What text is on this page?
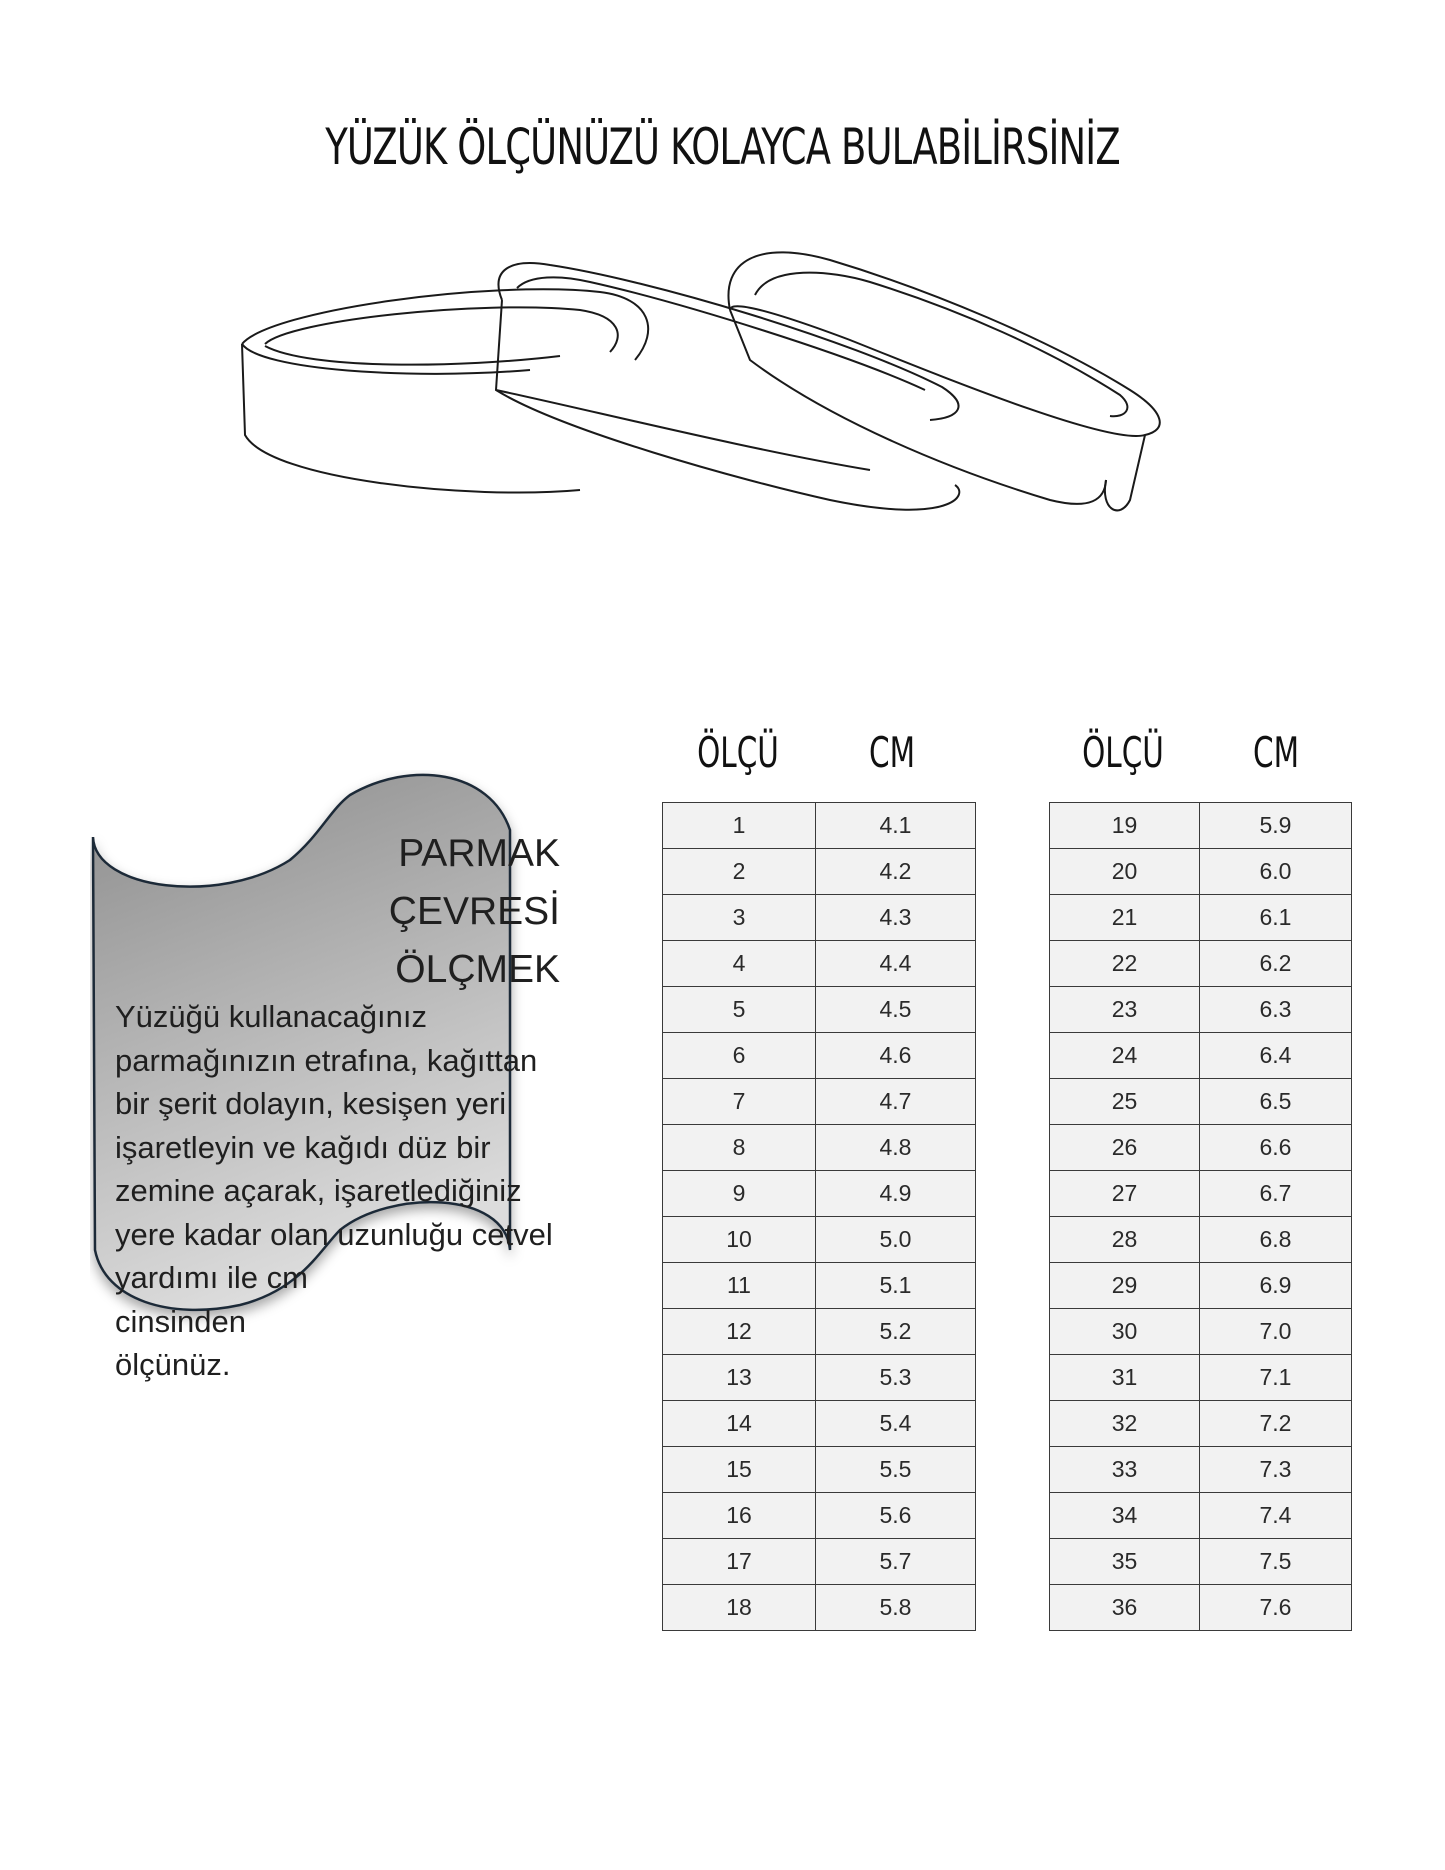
YÜZÜK ÖLÇÜNÜZÜ KOLAYCA BULABİLİRSİNİZ
PARMAK
ÇEVRESİ
ÖLÇMEK
Yüzüğü kullanacağınız
parmağınızın etrafına, kağıttan
bir şerit dolayın, kesişen yeri
işaretleyin ve kağıdı düz bir
zemine açarak, işaretlediğiniz
yere kadar olan uzunluğu cetvel
yardımı ile cm
cinsinden
ölçünüz.
ÖLÇÜ	CM	ÖLÇÜ	CM
1	4.1
2	4.2
3	4.3
4	4.4
5	4.5
6	4.6
7	4.7
8	4.8
9	4.9
10	5.0
11	5.1
12	5.2
13	5.3
14	5.4
15	5.5
16	5.6
17	5.7
18	5.8
19	5.9
20	6.0
21	6.1
22	6.2
23	6.3
24	6.4
25	6.5
26	6.6
27	6.7
28	6.8
29	6.9
30	7.0
31	7.1
32	7.2
33	7.3
34	7.4
35	7.5
36	7.6
